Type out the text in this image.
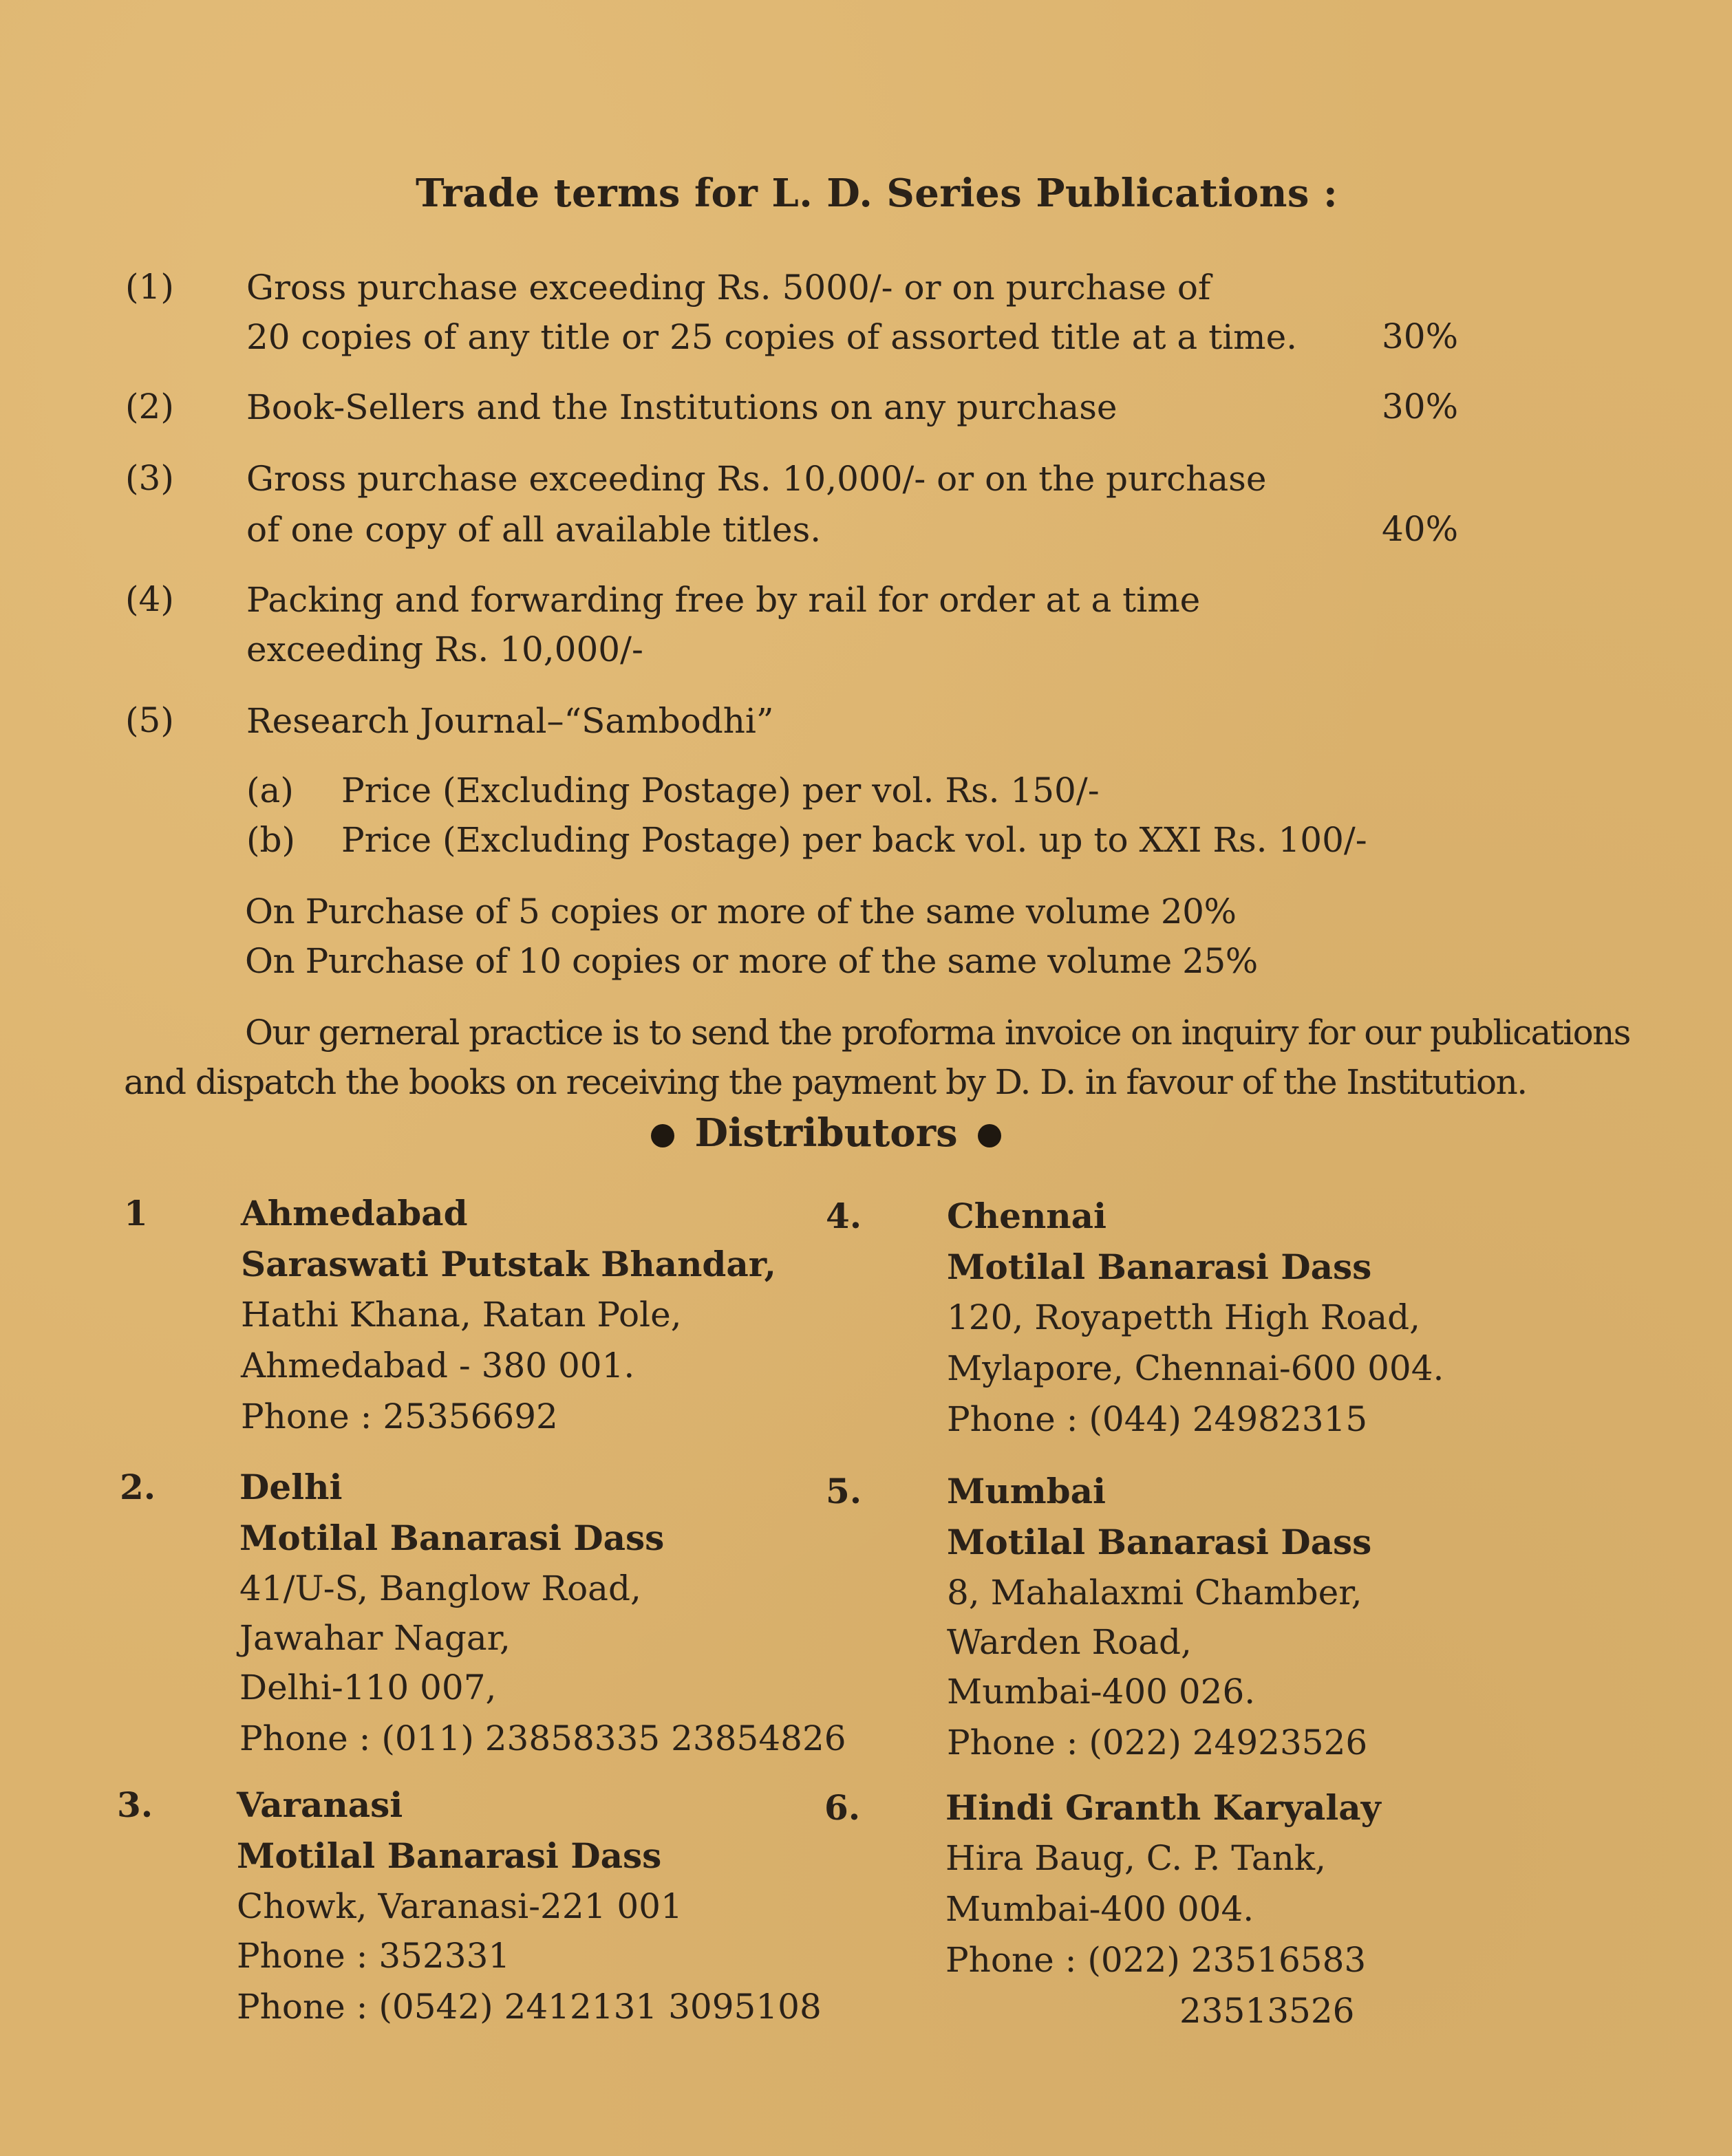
Trade terms for L. D. Series Publications :
(1) Gross purchase exceeding Rs. 5000/- or on purchase of
20 copies of any title or 25 copies of assorted title at a time. 30%
(2) Book-Sellers and the Institutions on any purchase	30%
(3) Gross purchase exceeding Rs. 10,000/- or on the purchase
of one copy of all available titles.	40%
(4) Packing and forwarding free by rail for order at a time
exceeding Rs. 10,000/-
(5) Research Journal–“Sambodhi”
(a) Price (Excluding Postage) per vol. Rs. 150/-
(b) Price (Excluding Postage) per back vol. up to XXI Rs. 100/-
On Purchase of 5 copies or more of the same volume 20%
On Purchase of 10 copies or more of the same volume 25%
Our gerneral practice is to send the proforma invoice on inquiry for our publications
and dispatch the books on receiving the payment by D. D. in favour of the Institution.
Distributors
1	Ahmedabad
Saraswati Putstak Bhandar,
Hathi Khana, Ratan Pole,
Ahmedabad - 380 001.
Phone : 25356692
2. Delhi
Motilal Banarasi Dass
41/U-S, Banglow Road,
Jawahar Nagar,
Delhi-110 007,
Phone : (011) 23858335 23854826
3. Varanasi
Motilal Banarasi Dass
Chowk, Varanasi-221 001
Phone : 352331
Phone : (0542) 2412131 3095108
4. Chennai
Motilal Banarasi Dass
120, Royapetth High Road,
Mylapore, Chennai-600 004.
Phone : (044) 24982315
5. Mumbai
Motilal Banarasi Dass
8, Mahalaxmi Chamber,
Warden Road,
Mumbai-400 026.
Phone : (022) 24923526
6. Hindi Granth Karyalay
Hira Baug, C. P. Tank,
Mumbai-400 004.
Phone : (022) 23516583
23513526
